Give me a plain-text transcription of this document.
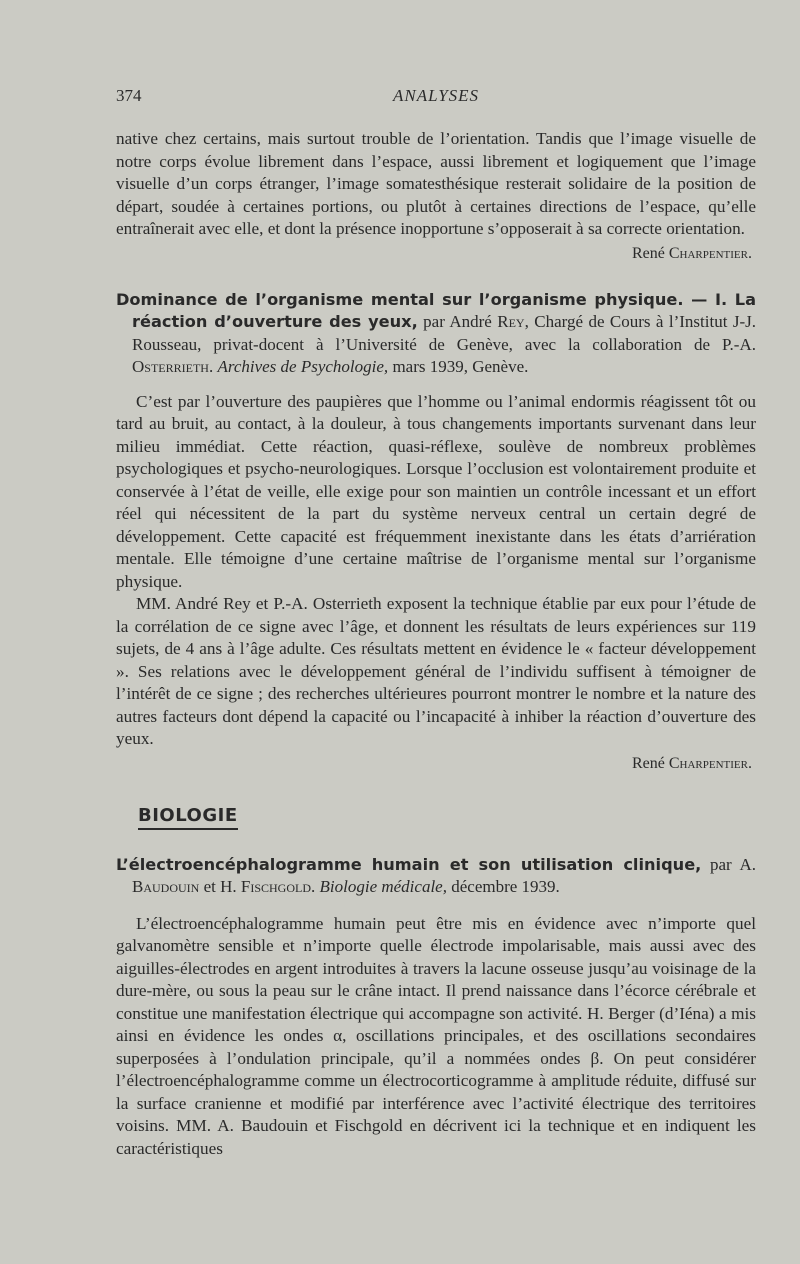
374	ANALYSES

native chez certains, mais surtout trouble de l’orientation. Tandis que l’image visuelle de notre corps évolue librement dans l’espace, aussi librement et logiquement que l’image visuelle d’un corps étranger, l’image somatesthésique resterait solidaire de la position de départ, soudée à certaines portions, ou plutôt à certaines directions de l’espace, qu’elle entraînerait avec elle, et dont la présence inopportune s’opposerait à sa correcte orientation.

René Charpentier.

Dominance de l’organisme mental sur l’organisme physique. — I. La réaction d’ouverture des yeux, par André Rey, Chargé de Cours à l’Institut J-J. Rousseau, privat-docent à l’Université de Genève, avec la collaboration de P.-A. Osterrieth. Archives de Psychologie, mars 1939, Genève.

C’est par l’ouverture des paupières que l’homme ou l’animal endormis réagissent tôt ou tard au bruit, au contact, à la douleur, à tous changements importants survenant dans leur milieu immédiat. Cette réaction, quasi-réflexe, soulève de nombreux problèmes psychologiques et psycho-neurologiques. Lorsque l’occlusion est volontairement produite et conservée à l’état de veille, elle exige pour son maintien un contrôle incessant et un effort réel qui nécessitent de la part du système nerveux central un certain degré de développement. Cette capacité est fréquemment inexistante dans les états d’arriération mentale. Elle témoigne d’une certaine maîtrise de l’organisme mental sur l’organisme physique.

MM. André Rey et P.-A. Osterrieth exposent la technique établie par eux pour l’étude de la corrélation de ce signe avec l’âge, et donnent les résultats de leurs expériences sur 119 sujets, de 4 ans à l’âge adulte. Ces résultats mettent en évidence le « facteur développement ». Ses relations avec le développement général de l’individu suffisent à témoigner de l’intérêt de ce signe ; des recherches ultérieures pourront montrer le nombre et la nature des autres facteurs dont dépend la capacité ou l’incapacité à inhiber la réaction d’ouverture des yeux.

René Charpentier.

BIOLOGIE

L’électroencéphalogramme humain et son utilisation clinique, par A. Baudouin et H. Fischgold. Biologie médicale, décembre 1939.

L’électroencéphalogramme humain peut être mis en évidence avec n’importe quel galvanomètre sensible et n’importe quelle électrode impolarisable, mais aussi avec des aiguilles-électrodes en argent introduites à travers la lacune osseuse jusqu’au voisinage de la dure-mère, ou sous la peau sur le crâne intact. Il prend naissance dans l’écorce cérébrale et constitue une manifestation électrique qui accompagne son activité. H. Berger (d’Iéna) a mis ainsi en évidence les ondes α, oscillations principales, et des oscillations secondaires superposées à l’ondulation principale, qu’il a nommées ondes β. On peut considérer l’électroencéphalogramme comme un électrocorticogramme à amplitude réduite, diffusé sur la surface cranienne et modifié par interférence avec l’activité électrique des territoires voisins. MM. A. Baudouin et Fischgold en décrivent ici la technique et en indiquent les caractéristiques
